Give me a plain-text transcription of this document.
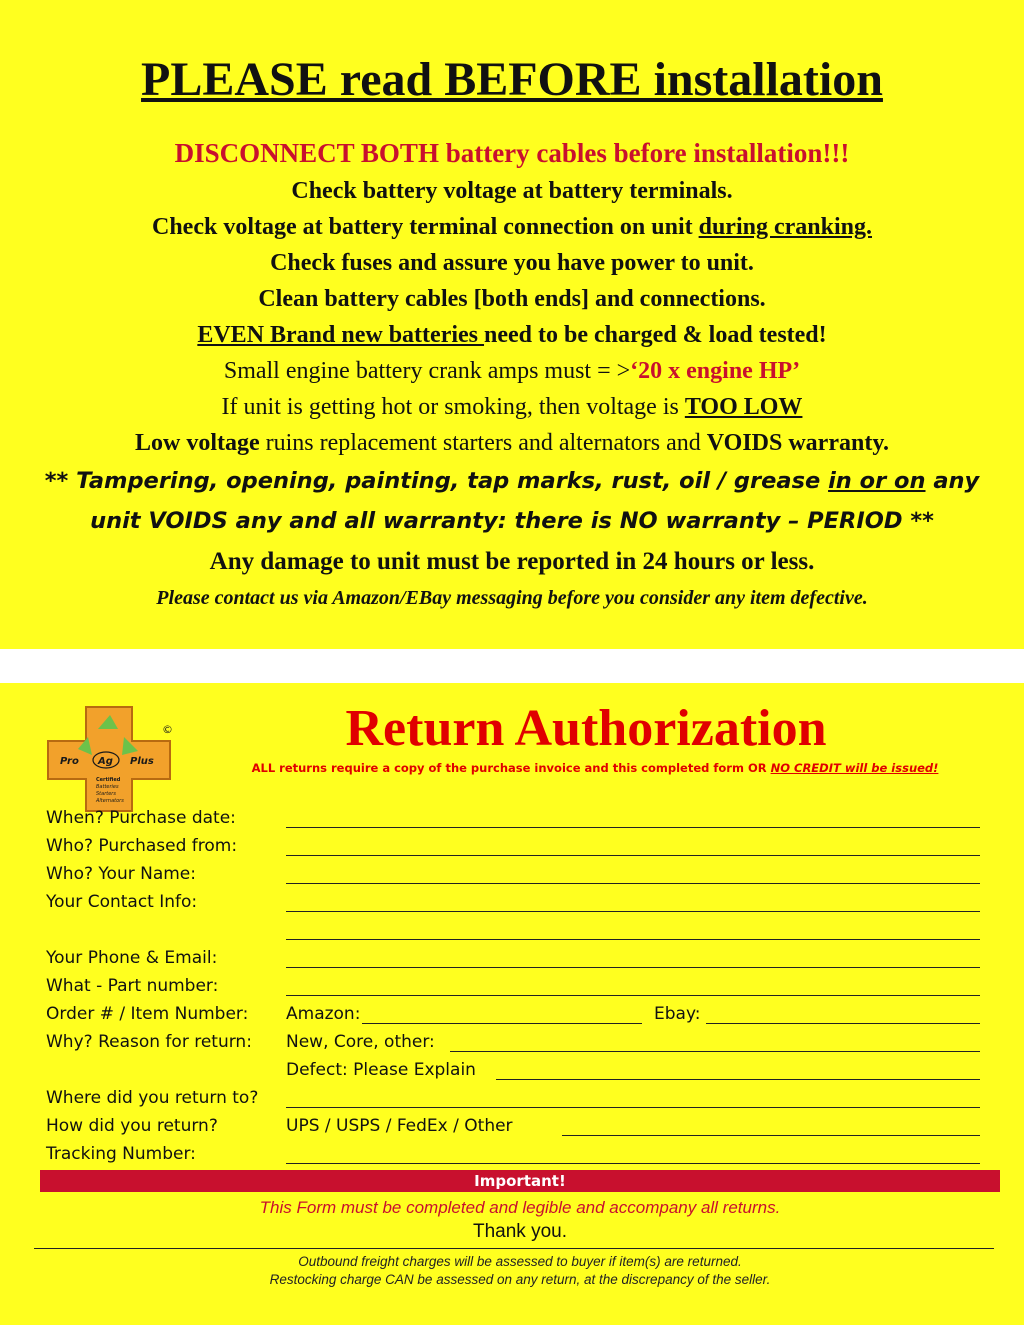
PLEASE read BEFORE installation
DISCONNECT BOTH battery cables before installation!!!
Check battery voltage at battery terminals.
Check voltage at battery terminal connection on unit during cranking.
Check fuses and assure you have power to unit.
Clean battery cables [both ends] and connections.
EVEN Brand new batteries need to be charged & load tested!
Small engine battery crank amps must = >‘20 x engine HP’
If unit is getting hot or smoking, then voltage is TOO LOW
Low voltage ruins replacement starters and alternators and VOIDS warranty.
** Tampering, opening, painting, tap marks, rust, oil / grease in or on any
unit VOIDS any and all warranty: there is NO warranty – PERIOD **
Any damage to unit must be reported in 24 hours or less.
Please contact us via Amazon/EBay messaging before you consider any item defective.
Pro Ag Plus
Certified
Batteries
Starters
Alternators
©	Return Authorization
ALL returns require a copy of the purchase invoice and this completed form OR NO CREDIT will be issued!
When? Purchase date:
Who? Purchased from:
Who? Your Name:
Your Contact Info:
Your Phone & Email:
What - Part number:
Order # / Item Number: Amazon:	Ebay:
Why? Reason for return: New, Core, other:
Defect: Please Explain
Where did you return to?
How did you return?	UPS / USPS / FedEx / Other
Tracking Number:
Important!
This Form must be completed and legible and accompany all returns.
Thank you.
Outbound freight charges will be assessed to buyer if item(s) are returned.
Restocking charge CAN be assessed on any return, at the discrepancy of the seller.
